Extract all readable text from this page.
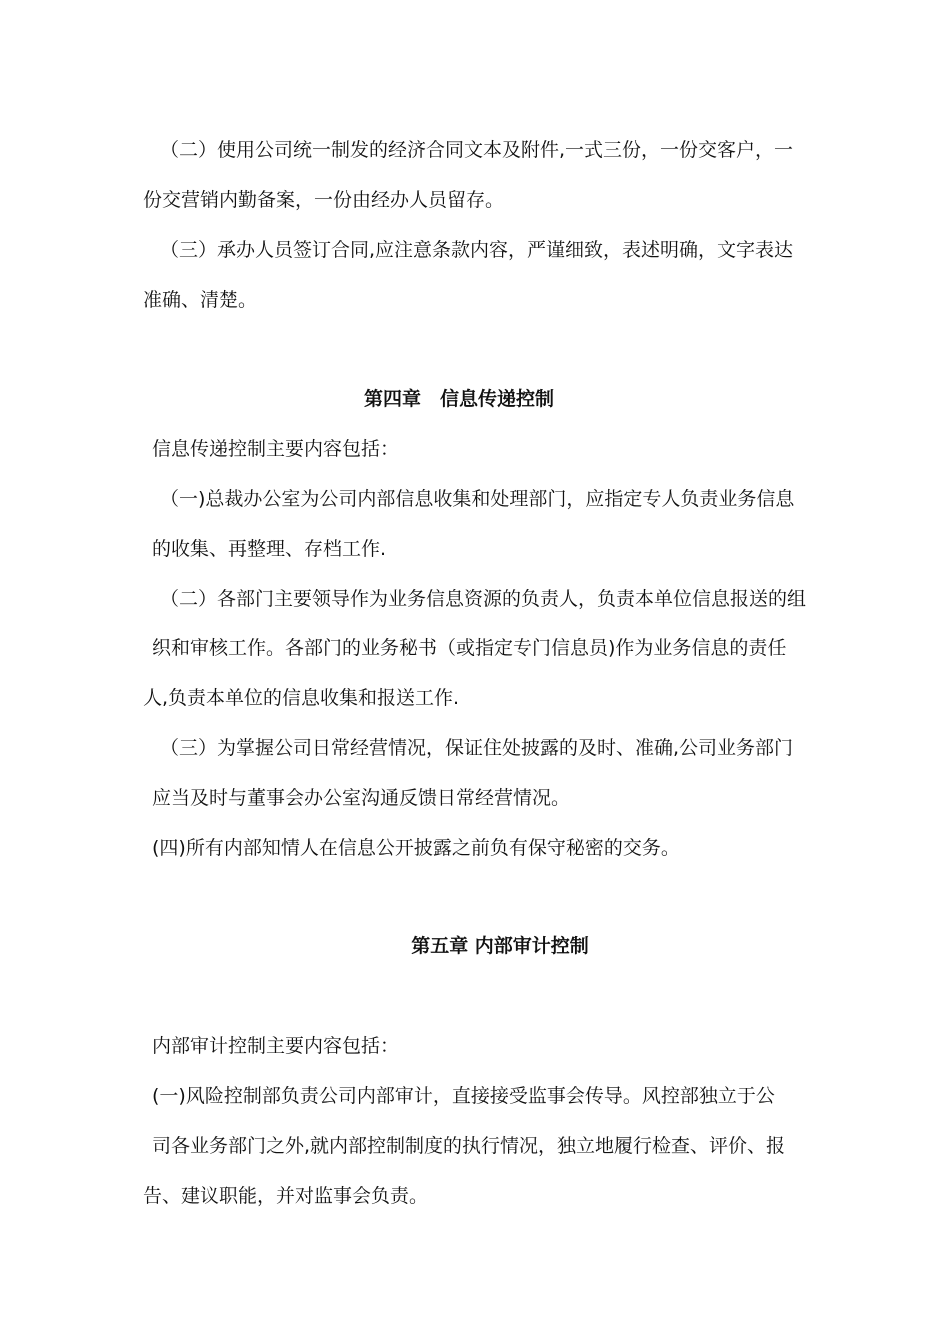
（二）使用公司统一制发的经济合同文本及附件,一式三份，一份交客户，一
份交营销内勤备案，一份由经办人员留存。
（三）承办人员签订合同,应注意条款内容，严谨细致，表述明确，文字表达
准确、清楚。
第四章　信息传递控制
信息传递控制主要内容包括：
（一)总裁办公室为公司内部信息收集和处理部门，应指定专人负责业务信息
的收集、再整理、存档工作.
（二）各部门主要领导作为业务信息资源的负责人，负责本单位信息报送的组
织和审核工作。各部门的业务秘书（或指定专门信息员)作为业务信息的责任
人,负责本单位的信息收集和报送工作.
（三）为掌握公司日常经营情况，保证住处披露的及时、准确,公司业务部门
应当及时与董事会办公室沟通反馈日常经营情况。
(四)所有内部知情人在信息公开披露之前负有保守秘密的交务。
第五章 内部审计控制
内部审计控制主要内容包括：
(一)风险控制部负责公司内部审计，直接接受监事会传导。风控部独立于公
司各业务部门之外,就内部控制制度的执行情况，独立地履行检查、评价、报
告、建议职能，并对监事会负责。
